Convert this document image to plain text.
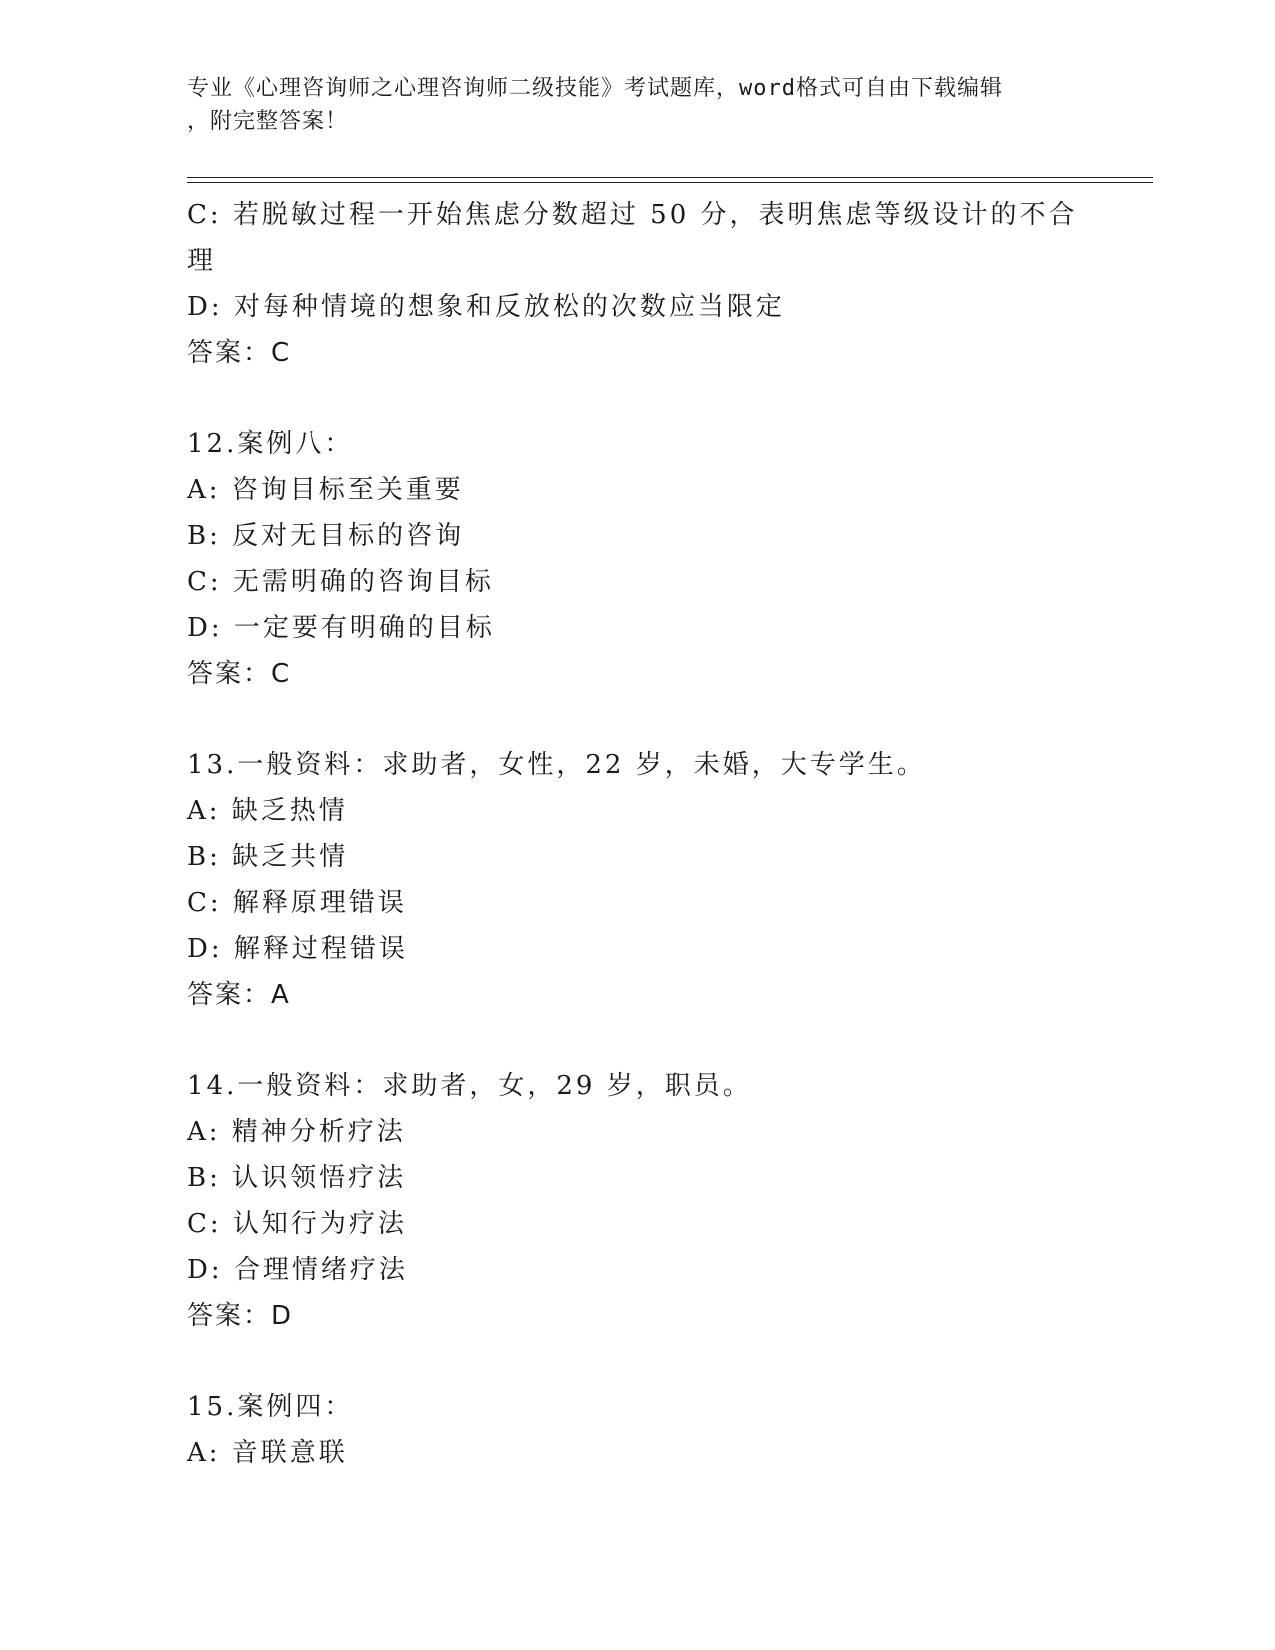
专业《心理咨询师之心理咨询师二级技能》考试题库，word格式可自由下载编辑
，附完整答案！
C: 若脱敏过程一开始焦虑分数超过 50 分，表明焦虑等级设计的不合
理
D: 对每种情境的想象和反放松的次数应当限定
答案：C
12.案例八：
A: 咨询目标至关重要
B: 反对无目标的咨询
C: 无需明确的咨询目标
D: 一定要有明确的目标
答案：C
13.一般资料：求助者，女性，22 岁，未婚，大专学生。
A: 缺乏热情
B: 缺乏共情
C: 解释原理错误
D: 解释过程错误
答案：A
14.一般资料：求助者，女，29 岁，职员。
A: 精神分析疗法
B: 认识领悟疗法
C: 认知行为疗法
D: 合理情绪疗法
答案：D
15.案例四：
A: 音联意联
